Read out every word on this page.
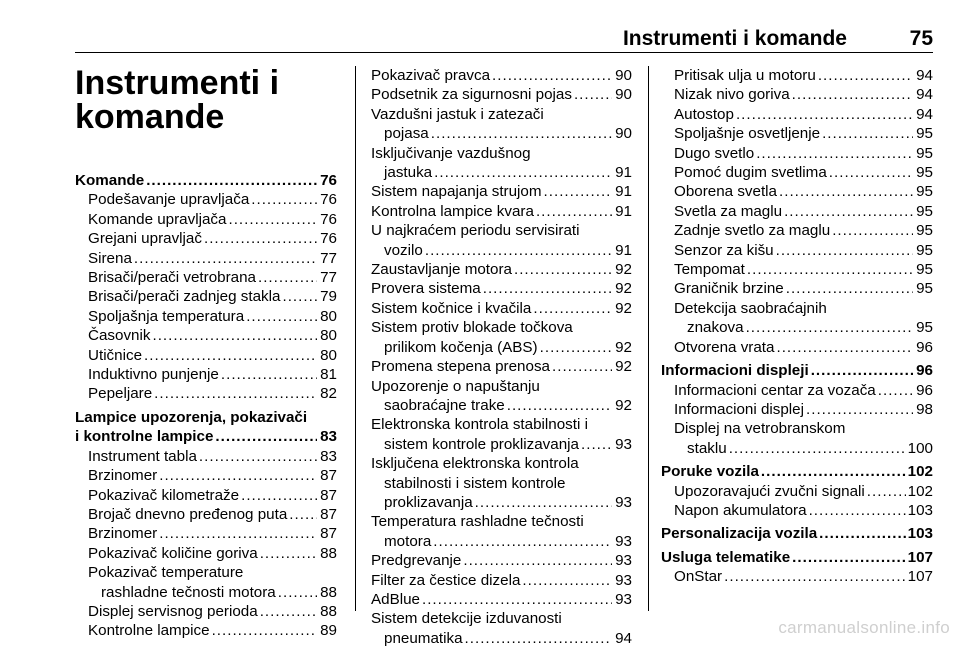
Instrumenti i komande	75
Instrumenti i
komande
Komande .....	76
Podešavanje upravljača .....	76
Komande upravljača .....	76
Grejani upravljač .....	76
Sirena .....	77
Brisači/perači vetrobrana .....	77
Brisači/perači zadnjeg stakla .....	79
Spoljašnja temperatura .....	80
Časovnik .....	80
Utičnice .....	80
Induktivno punjenje .....	81
Pepeljare .....	82
Lampice upozorenja, pokazivači
i kontrolne lampice .....	83
Instrument tabla .....	83
Brzinomer .....	87
Pokazivač kilometraže .....	87
Brojač dnevno pređenog puta ..... 87
Brzinomer .....	87
Pokazivač količine goriva .....	88
Pokazivač temperature
rashladne tečnosti motora .....	88
Displej servisnog perioda .....	88
Kontrolne lampice .....	89
Pokazivač pravca .....	90
Podsetnik za sigurnosni pojas .....	90
Vazdušni jastuk i zatezači
pojasa .....	90
Isključivanje vazdušnog
jastuka .....	91
Sistem napajanja strujom .....	91
Kontrolna lampice kvara .....	91
U najkraćem periodu servisirati
vozilo .....	91
Zaustavljanje motora .....	92
Provera sistema .....	92
Sistem kočnice i kvačila .....	92
Sistem protiv blokade točkova
prilikom kočenja (ABS) .....	92
Promena stepena prenosa .....	92
Upozorenje o napuštanju
saobraćajne trake .....	92
Elektronska kontrola stabilnosti i
sistem kontrole proklizavanja ..... 93
Isključena elektronska kontrola
stabilnosti i sistem kontrole
proklizavanja .....	93
Temperatura rashladne tečnosti
motora .....	93
Predgrevanje .....	93
Filter za čestice dizela .....	93
AdBlue .....	93
Sistem detekcije izduvanosti
pneumatika .....	94
Pritisak ulja u motoru .....	94
Nizak nivo goriva .....	94
Autostop .....	94
Spoljašnje osvetljenje .....	95
Dugo svetlo .....	95
Pomoć dugim svetlima .....	95
Oborena svetla .....	95
Svetla za maglu .....	95
Zadnje svetlo za maglu .....	95
Senzor za kišu .....	95
Tempomat .....	95
Graničnik brzine .....	95
Detekcija saobraćajnih
znakova .....	95
Otvorena vrata .....	96
Informacioni displeji .....	96
Informacioni centar za vozača .....	96
Informacioni displej .....	98
Displej na vetrobranskom
staklu .....	100
Poruke vozila .....	102
Upozoravajući zvučni signali .....	102
Napon akumulatora .....	103
Personalizacija vozila .....	103
Usluga telematike .....	107
OnStar .....	107
carmanualsonline.info
